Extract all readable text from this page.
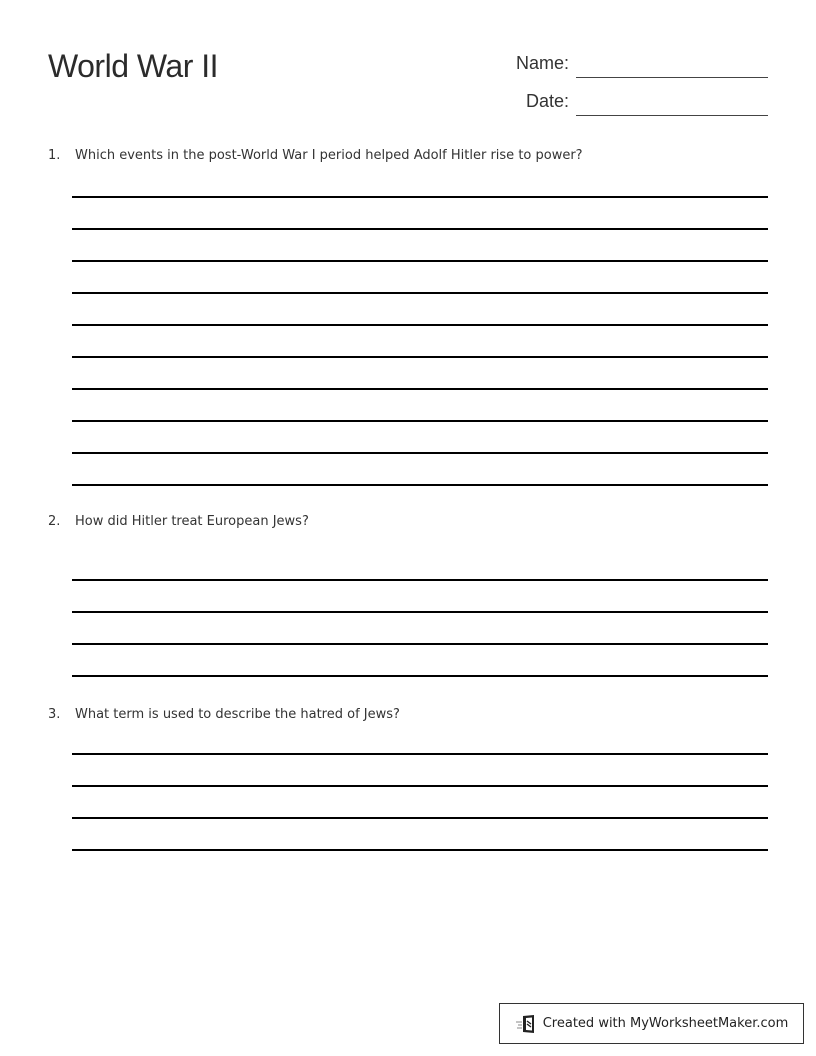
World War II	Name:
Date:
1. Which events in the post-World War I period helped Adolf Hitler rise to power?
2. How did Hitler treat European Jews?
3. What term is used to describe the hatred of Jews?
Created with MyWorksheetMaker.com
